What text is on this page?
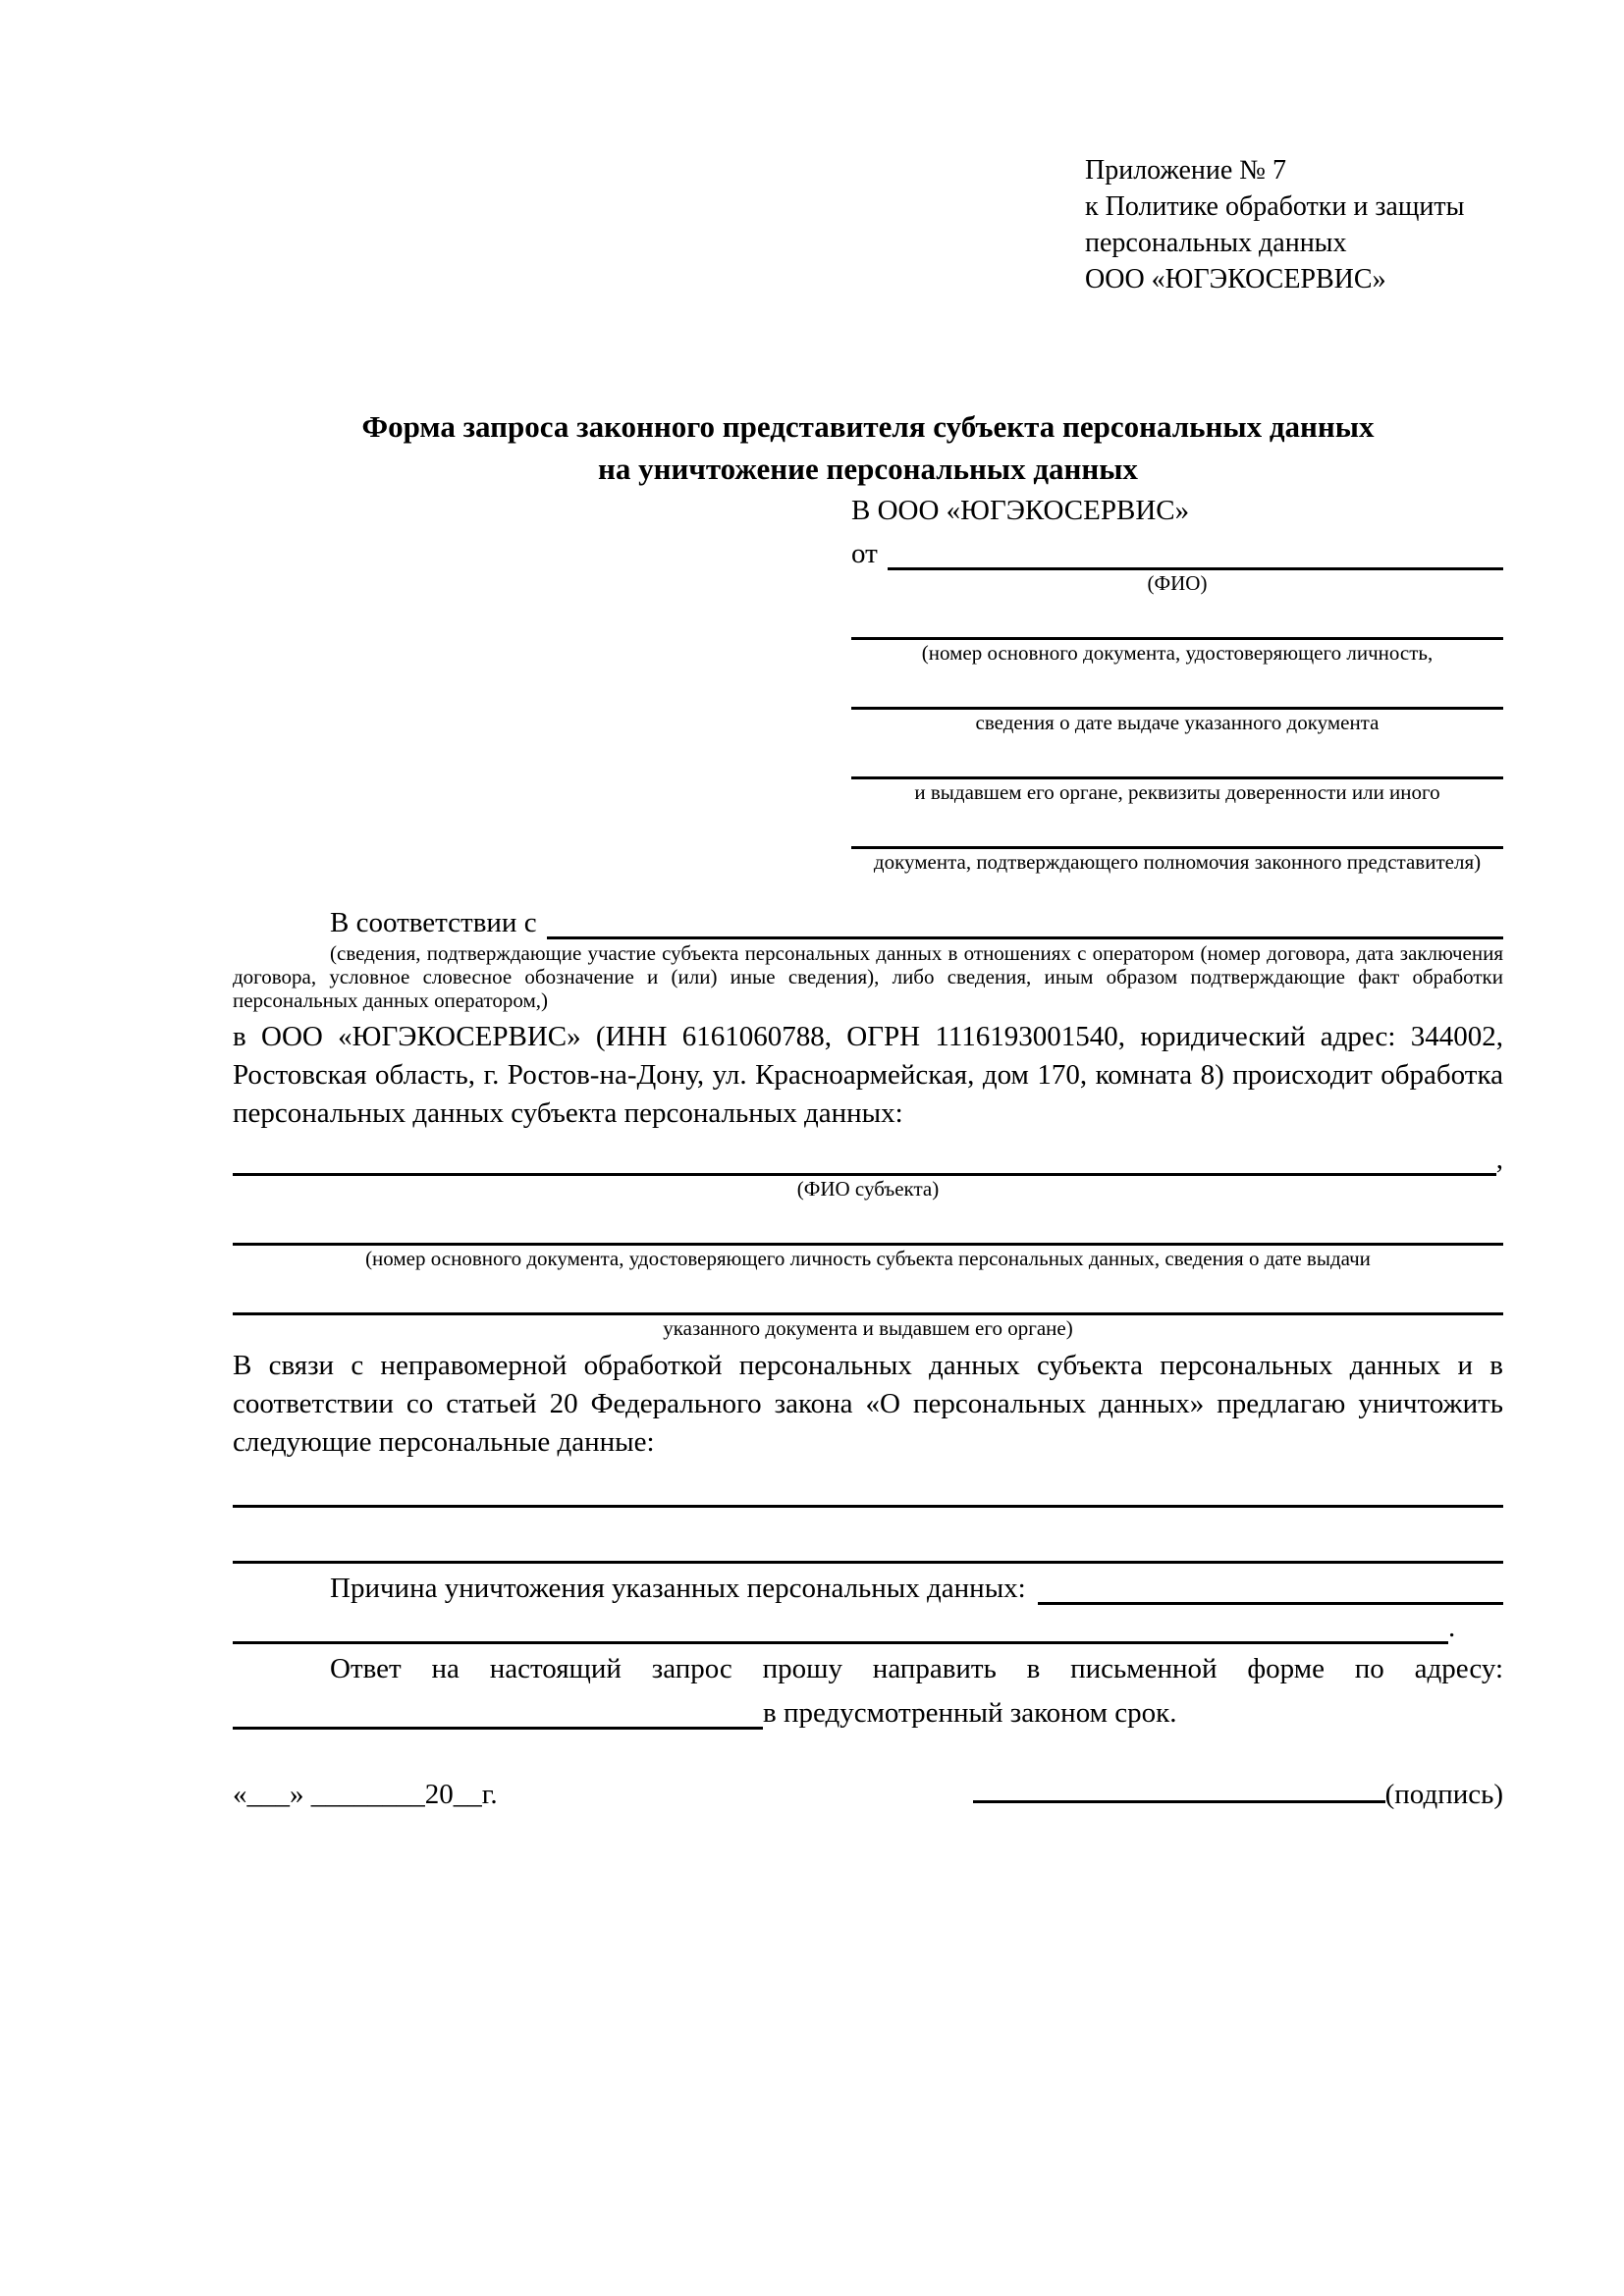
Приложение № 7
к Политике обработки и защиты
персональных данных
ООО «ЮГЭКОСЕРВИС»
Форма запроса законного представителя субъекта персональных данных
на уничтожение персональных данных
В ООО «ЮГЭКОСЕРВИС»
от
(ФИО)
(номер основного документа, удостоверяющего личность,
сведения о дате выдаче указанного документа
и выдавшем его органе, реквизиты доверенности или иного
документа, подтверждающего полномочия законного представителя)
В соответствии с

(сведения, подтверждающие участие субъекта персональных данных в отношениях с оператором (номер договора, дата заключения договора, условное словесное обозначение и (или) иные сведения), либо сведения, иным образом подтверждающие факт обработки персональных данных оператором,)

в ООО «ЮГЭКОСЕРВИС» (ИНН 6161060788, ОГРН 1116193001540, юридический адрес: 344002, Ростовская область, г. Ростов-на-Дону, ул. Красноармейская, дом 170, комната 8) происходит обработка персональных данных субъекта персональных данных:

,
(ФИО субъекта)
(номер основного документа, удостоверяющего личность субъекта персональных данных, сведения о дате выдачи
указанного документа и выдавшем его органе)

В связи с неправомерной обработкой персональных данных субъекта персональных данных и в соответствии со статьей 20 Федерального закона «О персональных данных» предлагаю уничтожить следующие персональные данные:

Причина уничтожения указанных персональных данных:
.

Ответ на настоящий запрос прошу направить в письменной форме по адресу:

в предусмотренный законом срок.
«___» ________20__г.	(подпись)
